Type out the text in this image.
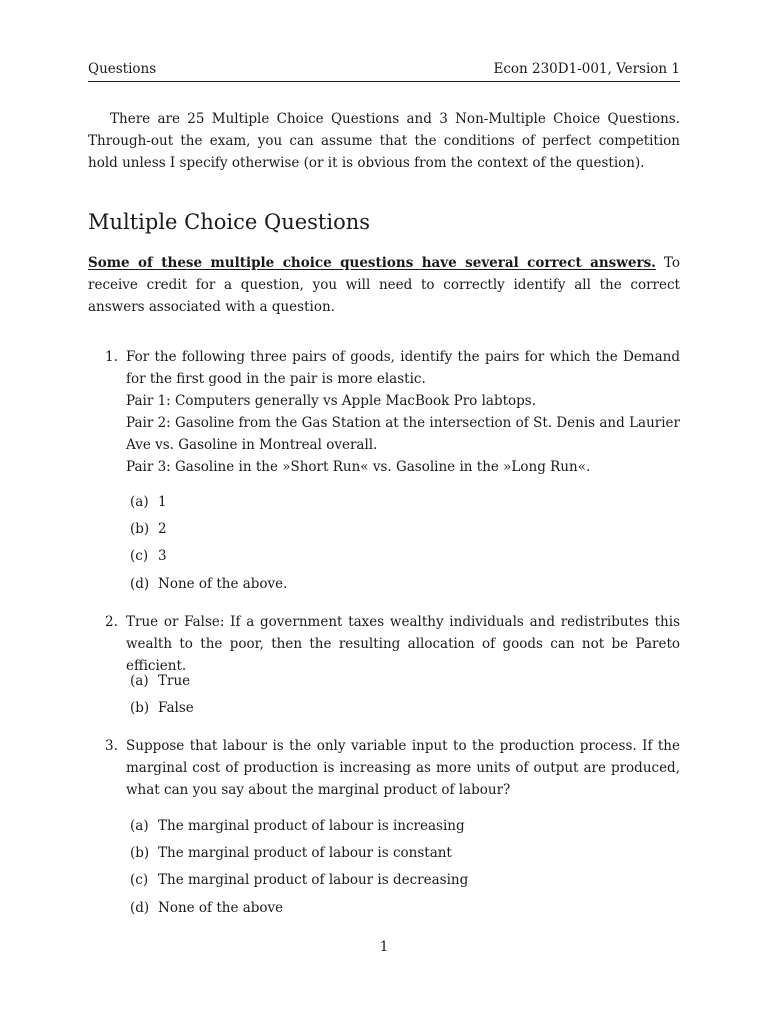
Questions	Econ 230D1-001, Version 1

There are 25 Multiple Choice Questions and 3 Non-Multiple Choice Questions. Through-out the exam, you can assume that the conditions of perfect competition hold unless I specify otherwise (or it is obvious from the context of the question).

Multiple Choice Questions

Some of these multiple choice questions have several correct answers. To receive credit for a question, you will need to correctly identify all the correct answers associated with a question.

1. For the following three pairs of goods, identify the pairs for which the Demand for the first good in the pair is more elastic.
Pair 1: Computers generally vs Apple MacBook Pro labtops.
Pair 2: Gasoline from the Gas Station at the intersection of St. Denis and Laurier Ave vs. Gasoline in Montreal overall.
Pair 3: Gasoline in the »Short Run« vs. Gasoline in the »Long Run«.
(a) 1
(b) 2
(c) 3
(d) None of the above.
2. True or False: If a government taxes wealthy individuals and redistributes this wealth to the poor, then the resulting allocation of goods can not be Pareto efficient.
(a) True
(b) False
3. Suppose that labour is the only variable input to the production process. If the marginal cost of production is increasing as more units of output are produced, what can you say about the marginal product of labour?
(a) The marginal product of labour is increasing
(b) The marginal product of labour is constant
(c) The marginal product of labour is decreasing
(d) None of the above
1
